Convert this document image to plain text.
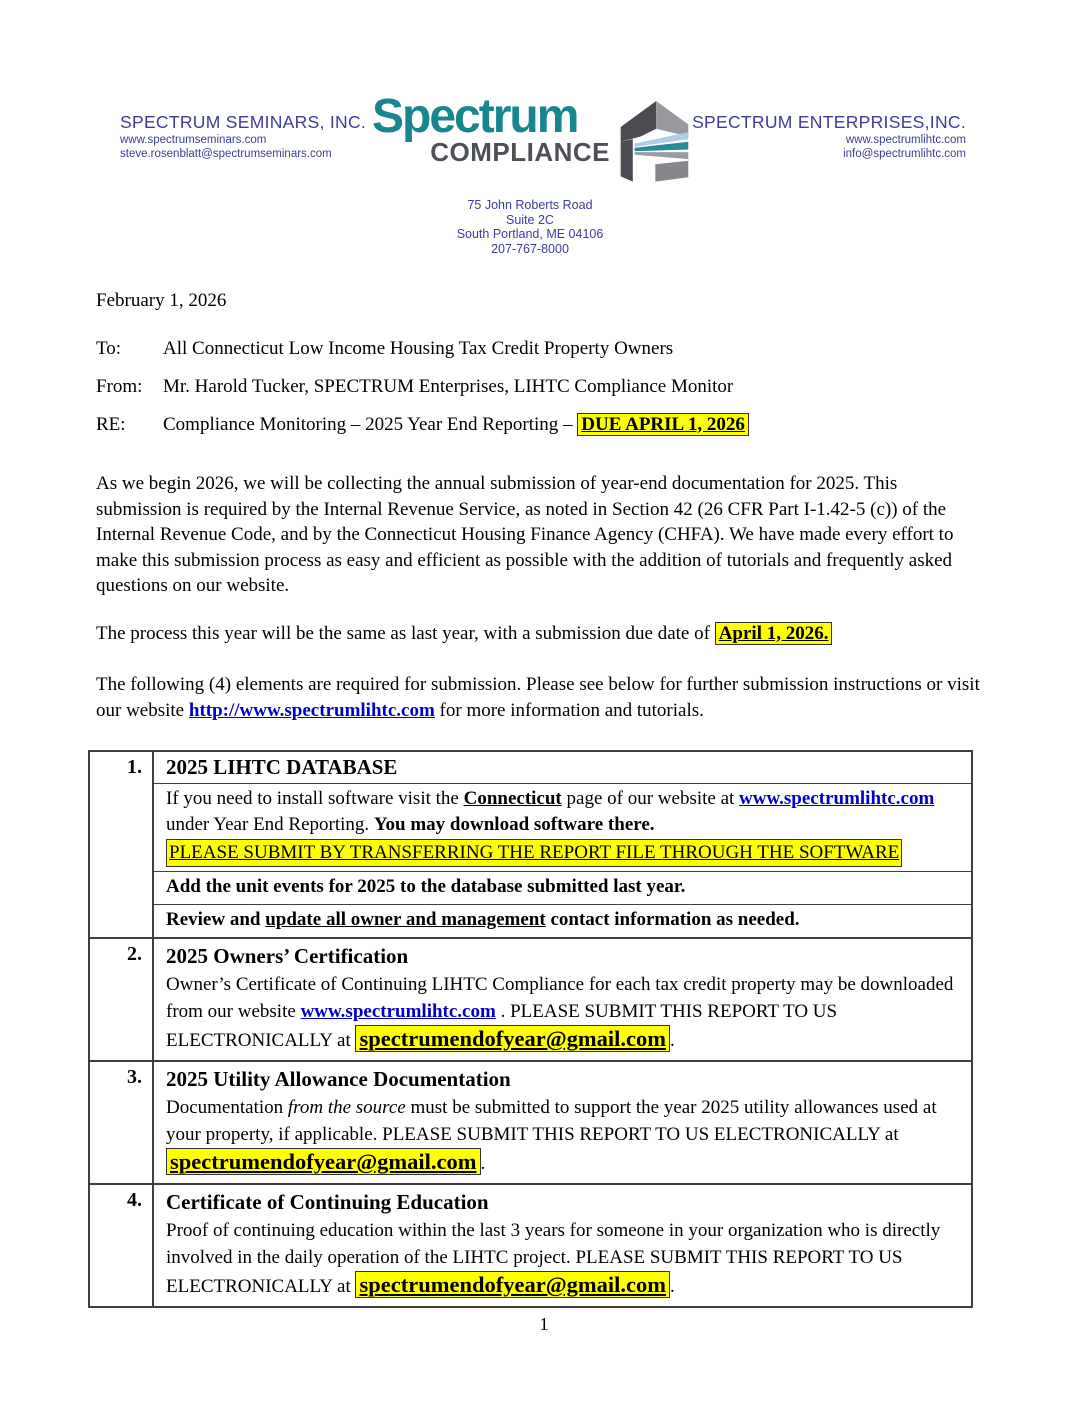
SPECTRUM SEMINARS, INC.
www.spectrumseminars.com
steve.rosenblatt@spectrumseminars.com
Spectrum
COMPLIANCE
SPECTRUM ENTERPRISES,INC.
www.spectrumlihtc.com
info@spectrumlihtc.com
75 John Roberts Road
Suite 2C
South Portland, ME 04106
207-767-8000
February 1, 2026
To:	All Connecticut Low Income Housing Tax Credit Property Owners
From:	Mr. Harold Tucker, SPECTRUM Enterprises, LIHTC Compliance Monitor
RE:	Compliance Monitoring – 2025 Year End Reporting – DUE APRIL 1, 2026

As we begin 2026, we will be collecting the annual submission of year-end documentation for 2025. This submission is required by the Internal Revenue Service, as noted in Section 42 (26 CFR Part I-1.42-5 (c)) of the Internal Revenue Code, and by the Connecticut Housing Finance Agency (CHFA). We have made every effort to make this submission process as easy and efficient as possible with the addition of tutorials and frequently asked questions on our website.

The process this year will be the same as last year, with a submission due date of April 1, 2026.

The following (4) elements are required for submission. Please see below for further submission instructions or visit our website http://www.spectrumlihtc.com for more information and tutorials.

1.	2025 LIHTC DATABASE
If you need to install software visit the Connecticut page of our website at www.spectrumlihtc.com under Year End Reporting. You may download software there.
PLEASE SUBMIT BY TRANSFERRING THE REPORT FILE THROUGH THE SOFTWARE
Add the unit events for 2025 to the database submitted last year.
Review and update all owner and management contact information as needed.
2.	2025 Owners’ Certification
Owner’s Certificate of Continuing LIHTC Compliance for each tax credit property may be downloaded from our website www.spectrumlihtc.com . PLEASE SUBMIT THIS REPORT TO US ELECTRONICALLY at spectrumendofyear@gmail.com .
3.	2025 Utility Allowance Documentation
Documentation from the source must be submitted to support the year 2025 utility allowances used at your property, if applicable. PLEASE SUBMIT THIS REPORT TO US ELECTRONICALLY at spectrumendofyear@gmail.com .
4.	Certificate of Continuing Education
Proof of continuing education within the last 3 years for someone in your organization who is directly involved in the daily operation of the LIHTC project. PLEASE SUBMIT THIS REPORT TO US ELECTRONICALLY at spectrumendofyear@gmail.com .
1
